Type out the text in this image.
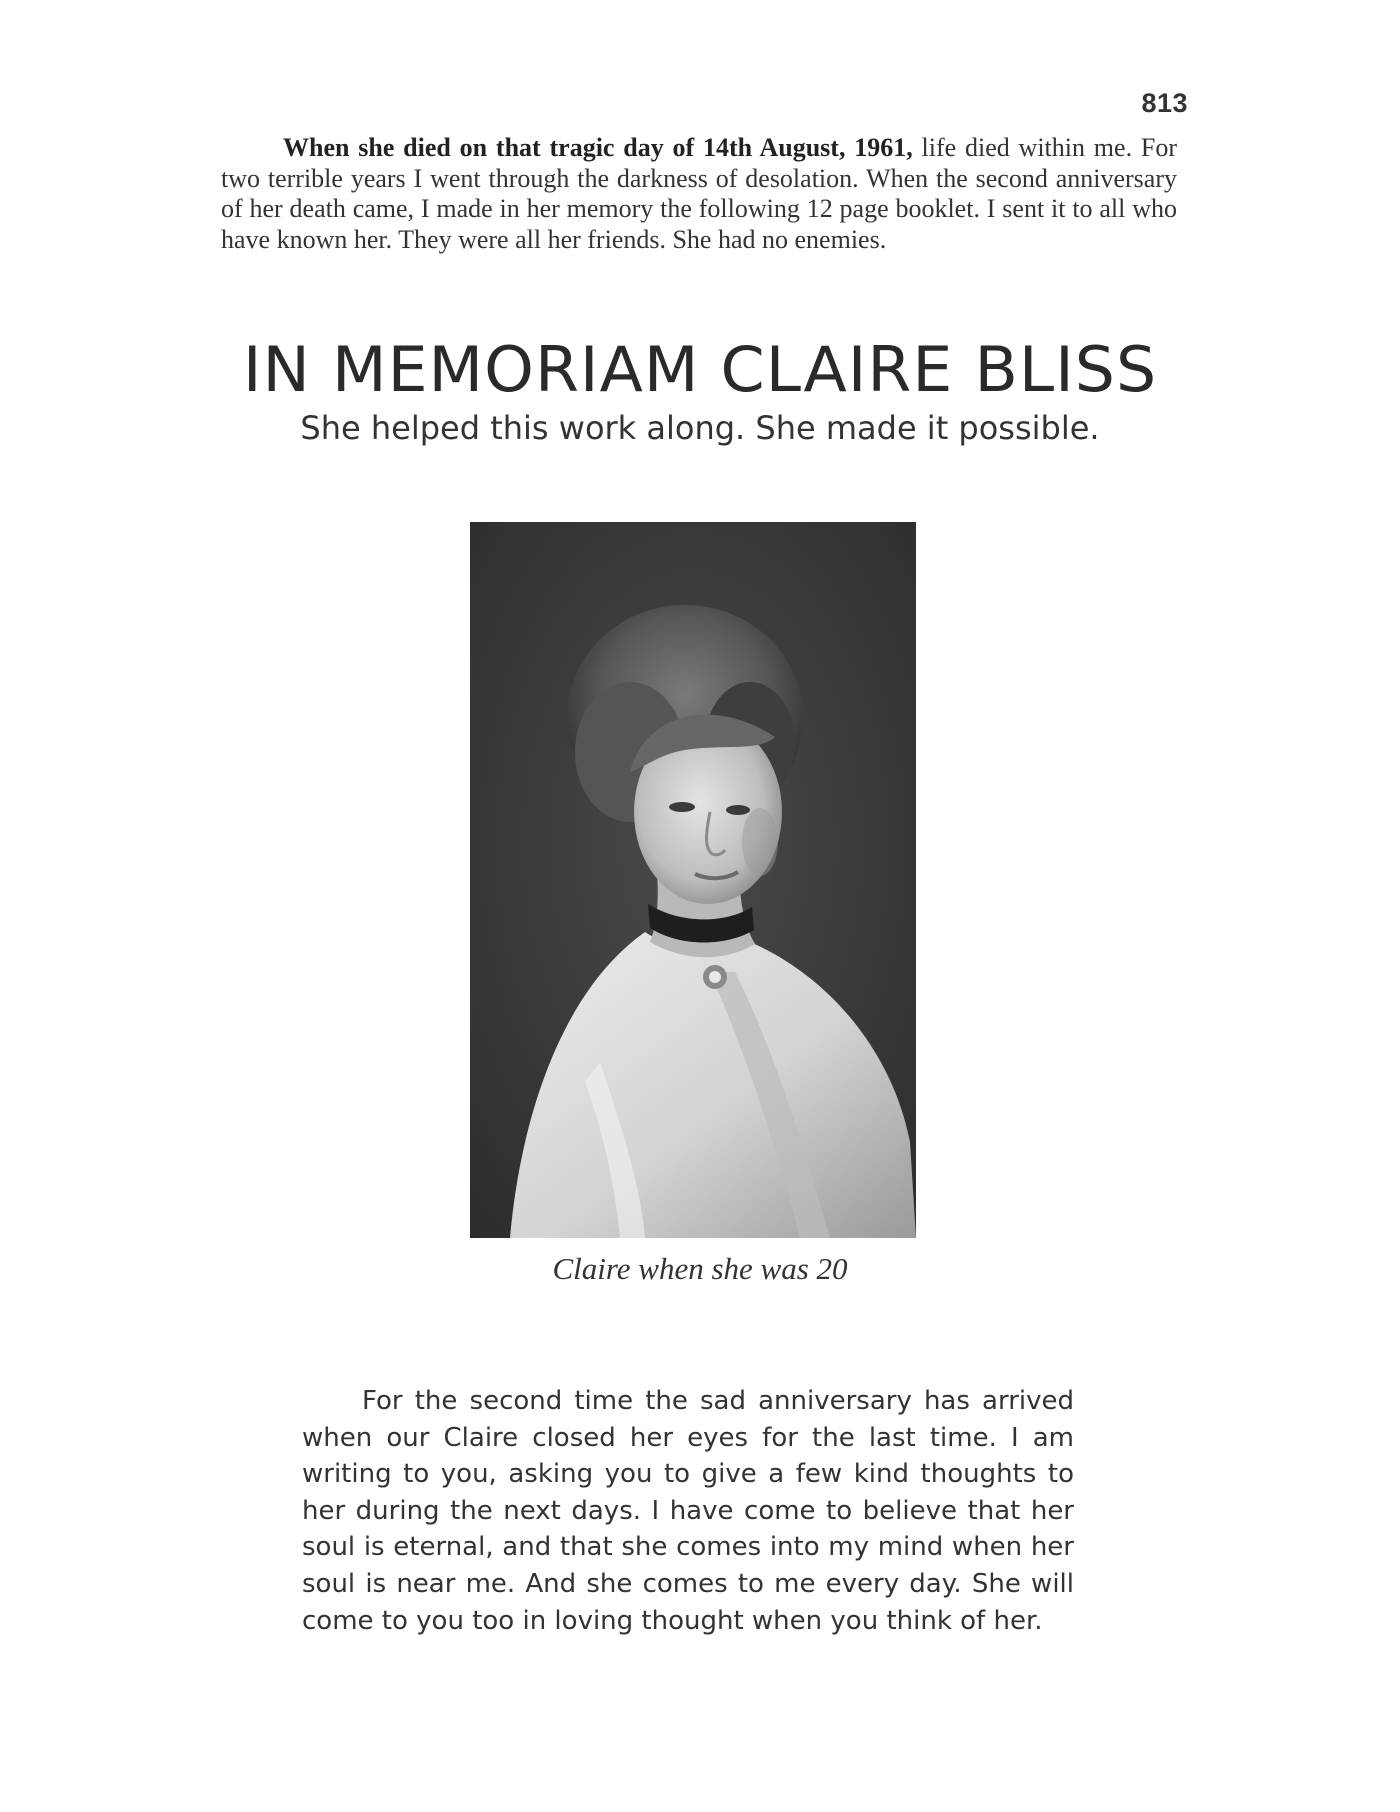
813

When she died on that tragic day of 14th August, 1961, life died within me. For two terrible years I went through the darkness of desolation. When the second anniversary of her death came, I made in her memory the following 12 page booklet. I sent it to all who have known her. They were all her friends. She had no enemies.

IN MEMORIAM CLAIRE BLISS

She helped this work along. She made it possible.

Claire when she was 20

For the second time the sad anniversary has arrived when our Claire closed her eyes for the last time. I am writing to you, asking you to give a few kind thoughts to her during the next days. I have come to believe that her soul is eternal, and that she comes into my mind when her soul is near me. And she comes to me every day. She will come to you too in loving thought when you think of her.
